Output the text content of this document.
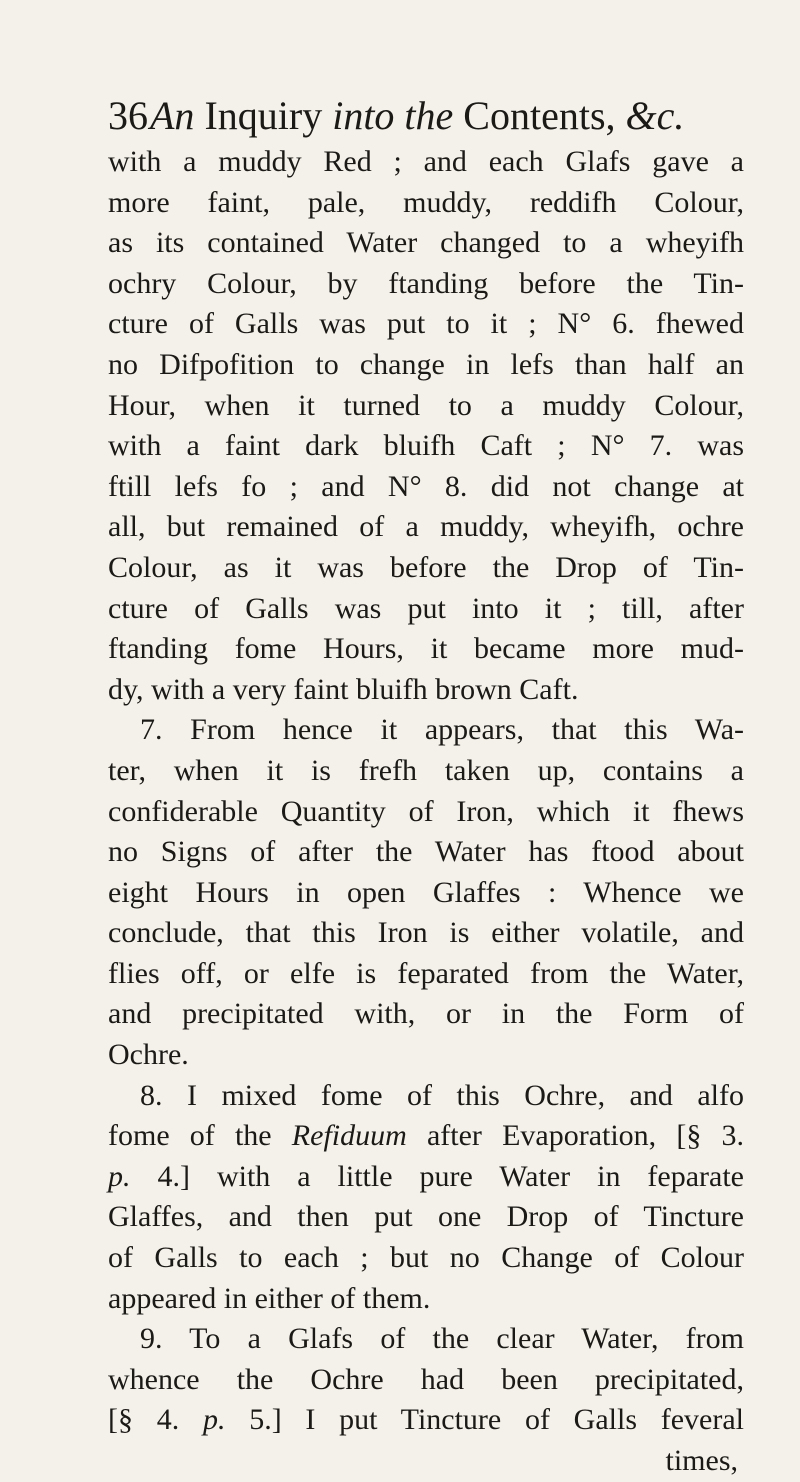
36An Inquiry into the Contents, &c.
with a muddy Red ; and each Glafs gave a
more faint, pale, muddy, reddifh Colour,
as its contained Water changed to a wheyifh
ochry Colour, by ftanding before the Tin-
cture of Galls was put to it ; N° 6. fhewed
no Difpofition to change in lefs than half an
Hour, when it turned to a muddy Colour,
with a faint dark bluifh Caft ; N° 7. was
ftill lefs fo ; and N° 8. did not change at
all, but remained of a muddy, wheyifh, ochre
Colour, as it was before the Drop of Tin-
cture of Galls was put into it ; till, after
ftanding fome Hours, it became more mud-
dy, with a very faint bluifh brown Caft.
7. From hence it appears, that this Wa-
ter, when it is frefh taken up, contains a
confiderable Quantity of Iron, which it fhews
no Signs of after the Water has ftood about
eight Hours in open Glaffes : Whence we
conclude, that this Iron is either volatile, and
flies off, or elfe is feparated from the Water,
and precipitated with, or in the Form of
Ochre.
8. I mixed fome of this Ochre, and alfo
fome of the Refiduum after Evaporation, [§ 3.
p. 4.] with a little pure Water in feparate
Glaffes, and then put one Drop of Tincture
of Galls to each ; but no Change of Colour
appeared in either of them.
9. To a Glafs of the clear Water, from
whence the Ochre had been precipitated,
[§ 4. p. 5.] I put Tincture of Galls feveral
times,
